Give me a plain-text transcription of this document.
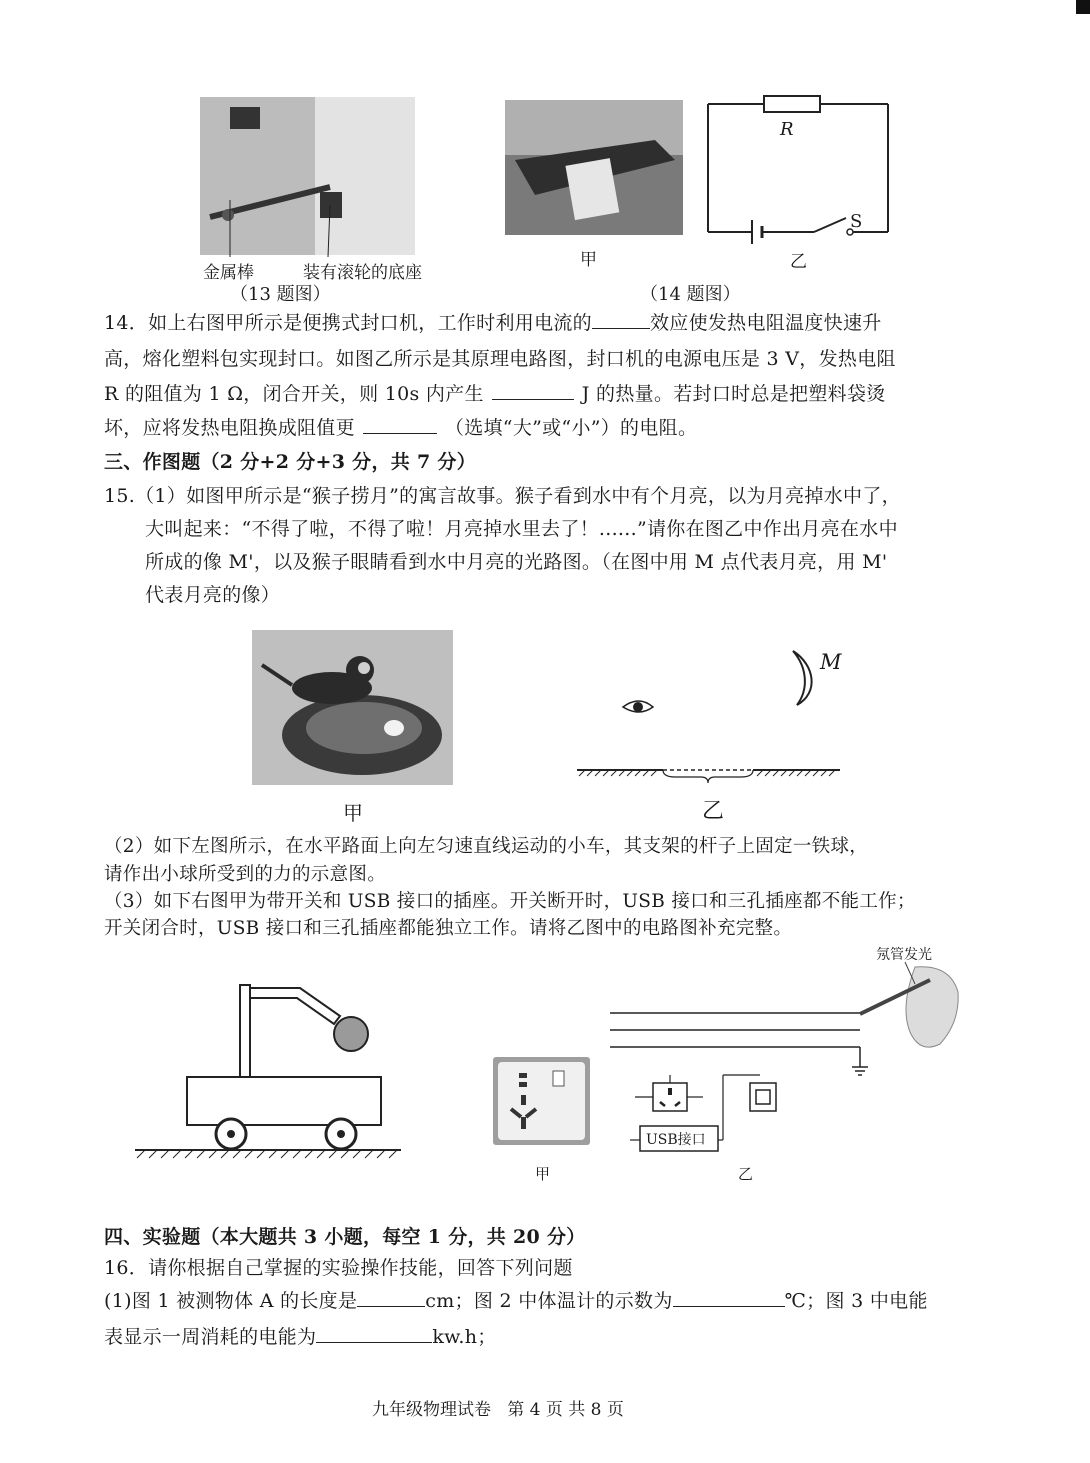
金属棒	装有滚轮的底座
（13 题图）
甲
R
S
乙
（14 题图）
14．如上右图甲所示是便携式封口机，工作时利用电流的	效应使发热电阻温度快速升
高，熔化塑料包实现封口。如图乙所示是其原理电路图，封口机的电源电压是 3 V，发热电阻
R 的阻值为 1 Ω，闭合开关，则 10s 内产生	J 的热量。若封口时总是把塑料袋烫
坏，应将发热电阻换成阻值更	（选填“大”或“小”）的电阻。
三、作图题（2 分+2 分+3 分，共 7 分）
15.（1）如图甲所示是“猴子捞月”的寓言故事。猴子看到水中有个月亮，以为月亮掉水中了，
大叫起来：“不得了啦，不得了啦！月亮掉水里去了！......”请你在图乙中作出月亮在水中
所成的像 M'，以及猴子眼睛看到水中月亮的光路图。（在图中用 M 点代表月亮，用 M'
代表月亮的像）
甲
M
乙
（2）如下左图所示，在水平路面上向左匀速直线运动的小车，其支架的杆子上固定一铁球，
请作出小球所受到的力的示意图。
（3）如下右图甲为带开关和 USB 接口的插座。开关断开时，USB 接口和三孔插座都不能工作；
开关闭合时，USB 接口和三孔插座都能独立工作。请将乙图中的电路图补充完整。
甲
USB接口
乙
氖管发光
四、实验题（本大题共 3 小题，每空 1 分，共 20 分）
16．请你根据自己掌握的实验操作技能，回答下列问题
(1)图 1 被测物体 A 的长度是	cm；图 2 中体温计的示数为	℃；图 3 中电能
表显示一周消耗的电能为	kw.h；
九年级物理试卷   第 4 页 共 8 页
